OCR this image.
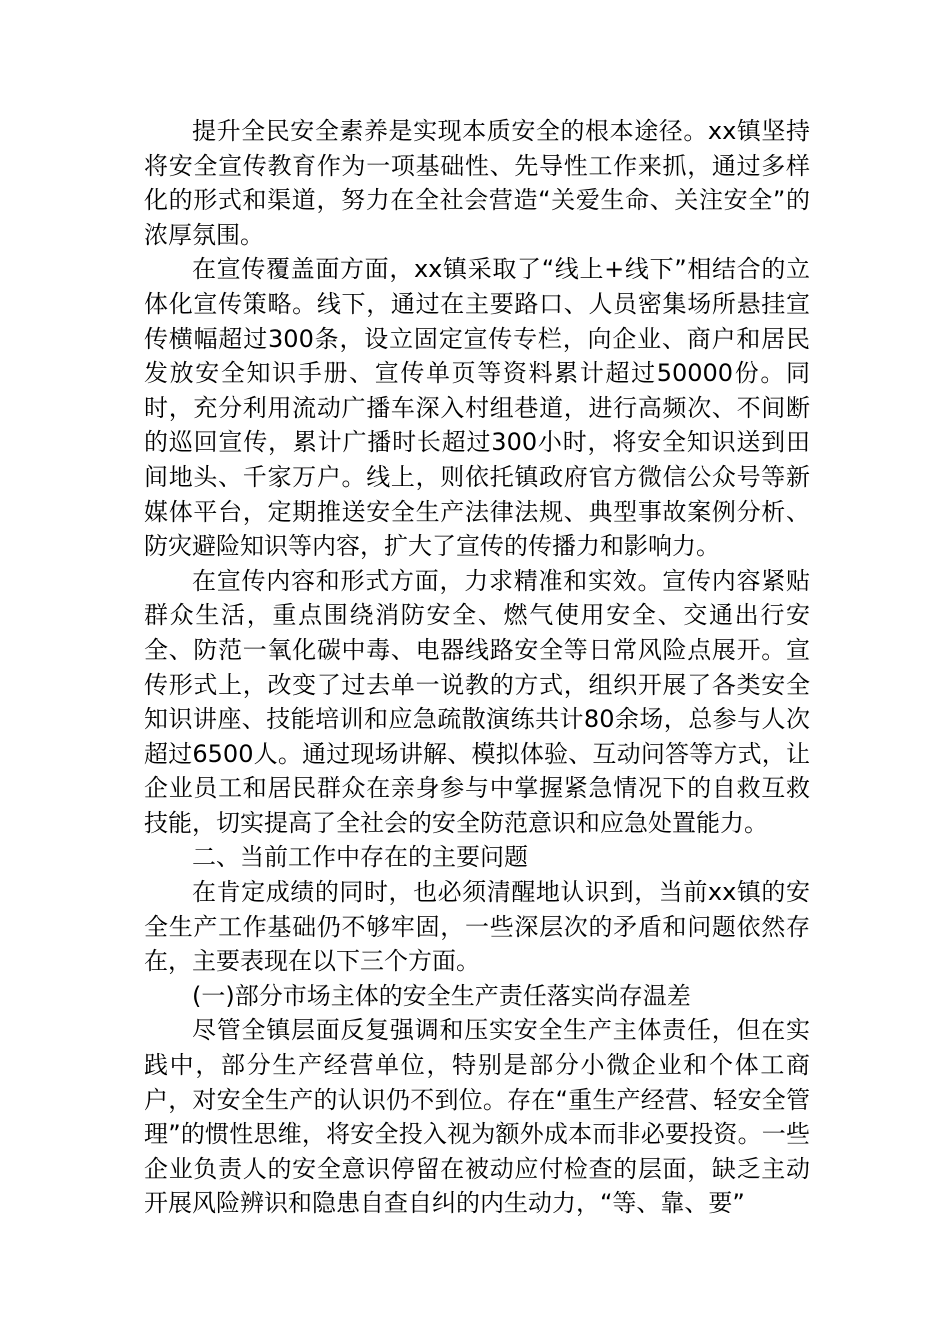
提升全民安全素养是实现本质安全的根本途径。xx镇坚持将安全宣传教育作为一项基础性、先导性工作来抓，通过多样化的形式和渠道，努力在全社会营造“关爱生命、关注安全”的浓厚氛围。

在宣传覆盖面方面，xx镇采取了“线上+线下”相结合的立体化宣传策略。线下，通过在主要路口、人员密集场所悬挂宣传横幅超过300条，设立固定宣传专栏，向企业、商户和居民发放安全知识手册、宣传单页等资料累计超过50000份。同时，充分利用流动广播车深入村组巷道，进行高频次、不间断的巡回宣传，累计广播时长超过300小时，将安全知识送到田间地头、千家万户。线上，则依托镇政府官方微信公众号等新媒体平台，定期推送安全生产法律法规、典型事故案例分析、防灾避险知识等内容，扩大了宣传的传播力和影响力。

在宣传内容和形式方面，力求精准和实效。宣传内容紧贴群众生活，重点围绕消防安全、燃气使用安全、交通出行安全、防范一氧化碳中毒、电器线路安全等日常风险点展开。宣传形式上，改变了过去单一说教的方式，组织开展了各类安全知识讲座、技能培训和应急疏散演练共计80余场，总参与人次超过6500人。通过现场讲解、模拟体验、互动问答等方式，让企业员工和居民群众在亲身参与中掌握紧急情况下的自救互救技能，切实提高了全社会的安全防范意识和应急处置能力。

二、当前工作中存在的主要问题

在肯定成绩的同时，也必须清醒地认识到，当前xx镇的安全生产工作基础仍不够牢固，一些深层次的矛盾和问题依然存在，主要表现在以下三个方面。

(一)部分市场主体的安全生产责任落实尚存温差

尽管全镇层面反复强调和压实安全生产主体责任，但在实践中，部分生产经营单位，特别是部分小微企业和个体工商户，对安全生产的认识仍不到位。存在“重生产经营、轻安全管理”的惯性思维，将安全投入视为额外成本而非必要投资。一些企业负责人的安全意识停留在被动应付检查的层面，缺乏主动开展风险辨识和隐患自查自纠的内生动力，“等、靠、要”
